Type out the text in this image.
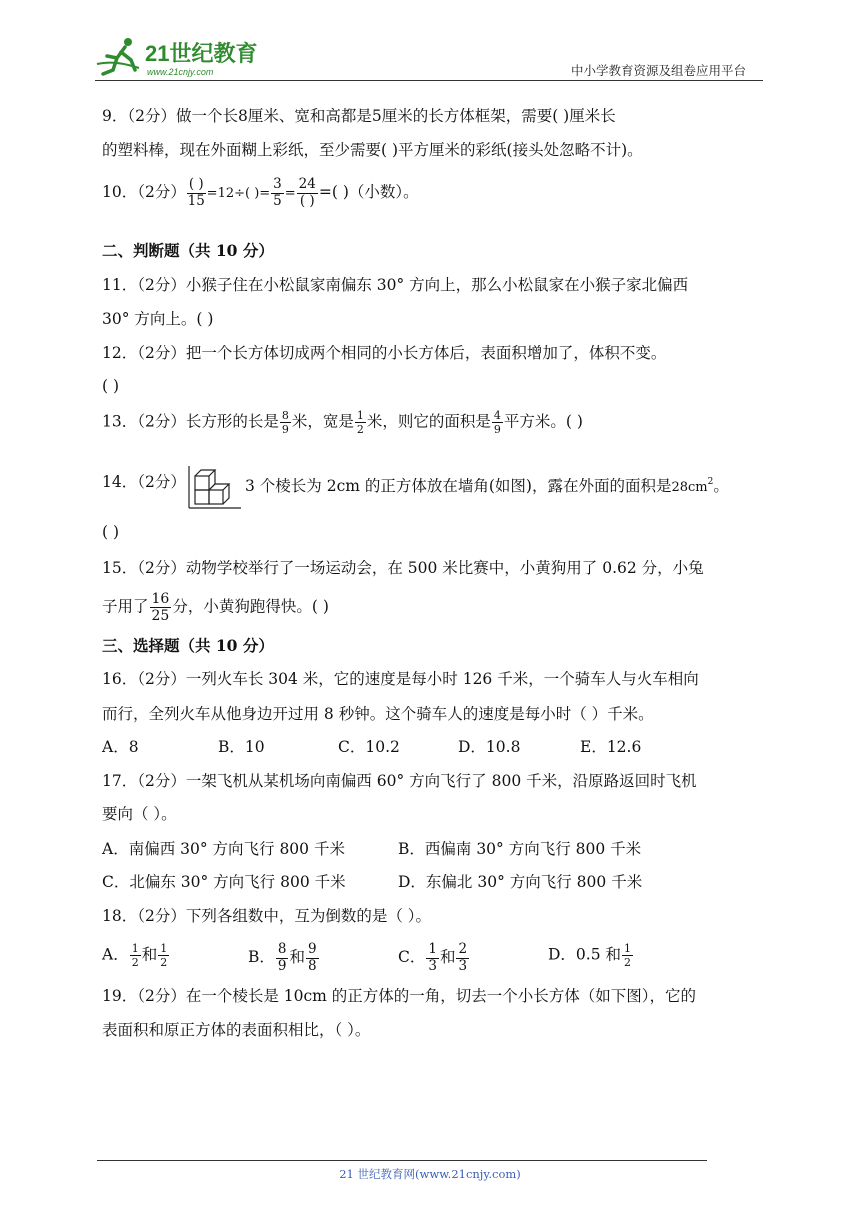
21世纪教育
www.21cnjy.com	中小学教育资源及组卷应用平台
9．（2分）做一个长8厘米、宽和高都是5厘米的长方体框架，需要( )厘米长
的塑料棒，现在外面糊上彩纸，至少需要( )平方厘米的彩纸(接头处忽略不计)。
10．（2分） $\frac{( )}{15} =12\div$( )= $\frac{3}{5} = \frac{24}{( )}$ =( )（小数）。
二、判断题（共 10 分）
11．（2分）小猴子住在小松鼠家南偏东 30° 方向上，那么小松鼠家在小猴子家北偏西
30° 方向上。( )
12．（2分）把一个长方体切成两个相同的小长方体后，表面积增加了，体积不变。
( )
13．（2分）长方形的长是 $\frac{8}{9}$ 米，宽是 $\frac{1}{2}$ 米，则它的面积是 $\frac{4}{9}$ 平方米。( )
14．（2分）	3 个棱长为 2cm 的正方体放在墙角(如图)，露在外面的面积是$28cm^2$。
( )
15．（2分）动物学校举行了一场运动会，在 500 米比赛中，小黄狗用了 0.62 分，小兔
子用了 $\frac{16}{25}$ 分，小黄狗跑得快。( )
三、选择题（共 10 分）
16．（2分）一列火车长 304 米，它的速度是每小时 126 千米，一个骑车人与火车相向
而行，全列火车从他身边开过用 8 秒钟。这个骑车人的速度是每小时（ ）千米。
A．8	B．10	C．10.2	D．10.8	E．12.6
17．（2分）一架飞机从某机场向南偏西 60° 方向飞行了 800 千米，沿原路返回时飞机
要向（ ）。
A．南偏西 30° 方向飞行 800 千米	B．西偏南 30° 方向飞行 800 千米
C．北偏东 30° 方向飞行 800 千米	D．东偏北 30° 方向飞行 800 千米
18．（2分）下列各组数中，互为倒数的是（ ）。
A． $\frac{1}{2}$ 和 $\frac{1}{2}$	B． $\frac{8}{9}$ 和 $\frac{9}{8}$	C． $\frac{1}{3}$ 和 $\frac{2}{3}$	D．0.5 和 $\frac{1}{2}$
19．（2分）在一个棱长是 10cm 的正方体的一角，切去一个小长方体（如下图），它的
表面积和原正方体的表面积相比，（ ）。
21 世纪教育网(www.21cnjy.com)
